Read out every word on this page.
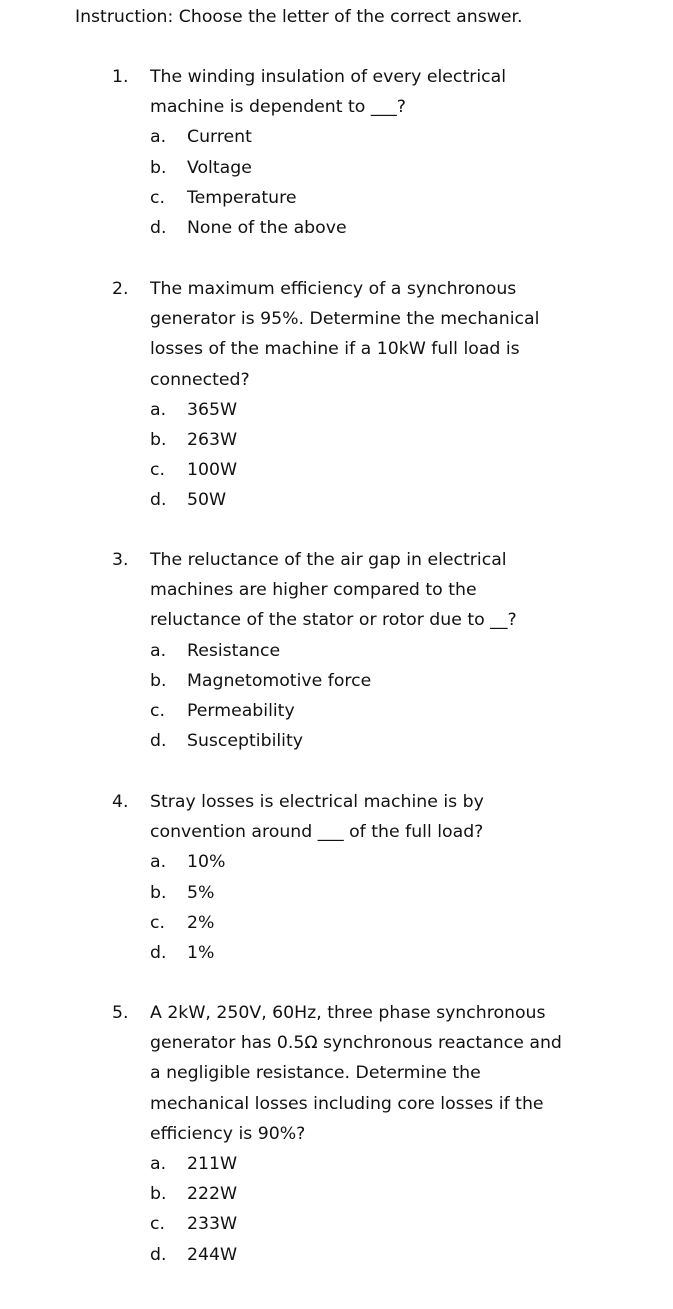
Instruction: Choose the letter of the correct answer.
1. The winding insulation of every electrical
machine is dependent to ___?
a. Current
b. Voltage
c. Temperature
d. None of the above
2. The maximum efficiency of a synchronous
generator is 95%. Determine the mechanical
losses of the machine if a 10kW full load is
connected?
a. 365W
b. 263W
c. 100W
d. 50W
3. The reluctance of the air gap in electrical
machines are higher compared to the
reluctance of the stator or rotor due to __?
a. Resistance
b. Magnetomotive force
c. Permeability
d. Susceptibility
4. Stray losses is electrical machine is by
convention around ___ of the full load?
a. 10%
b. 5%
c. 2%
d. 1%
5. A 2kW, 250V, 60Hz, three phase synchronous
generator has 0.5Ω synchronous reactance and
a negligible resistance. Determine the
mechanical losses including core losses if the
efficiency is 90%?
a. 211W
b. 222W
c. 233W
d. 244W
